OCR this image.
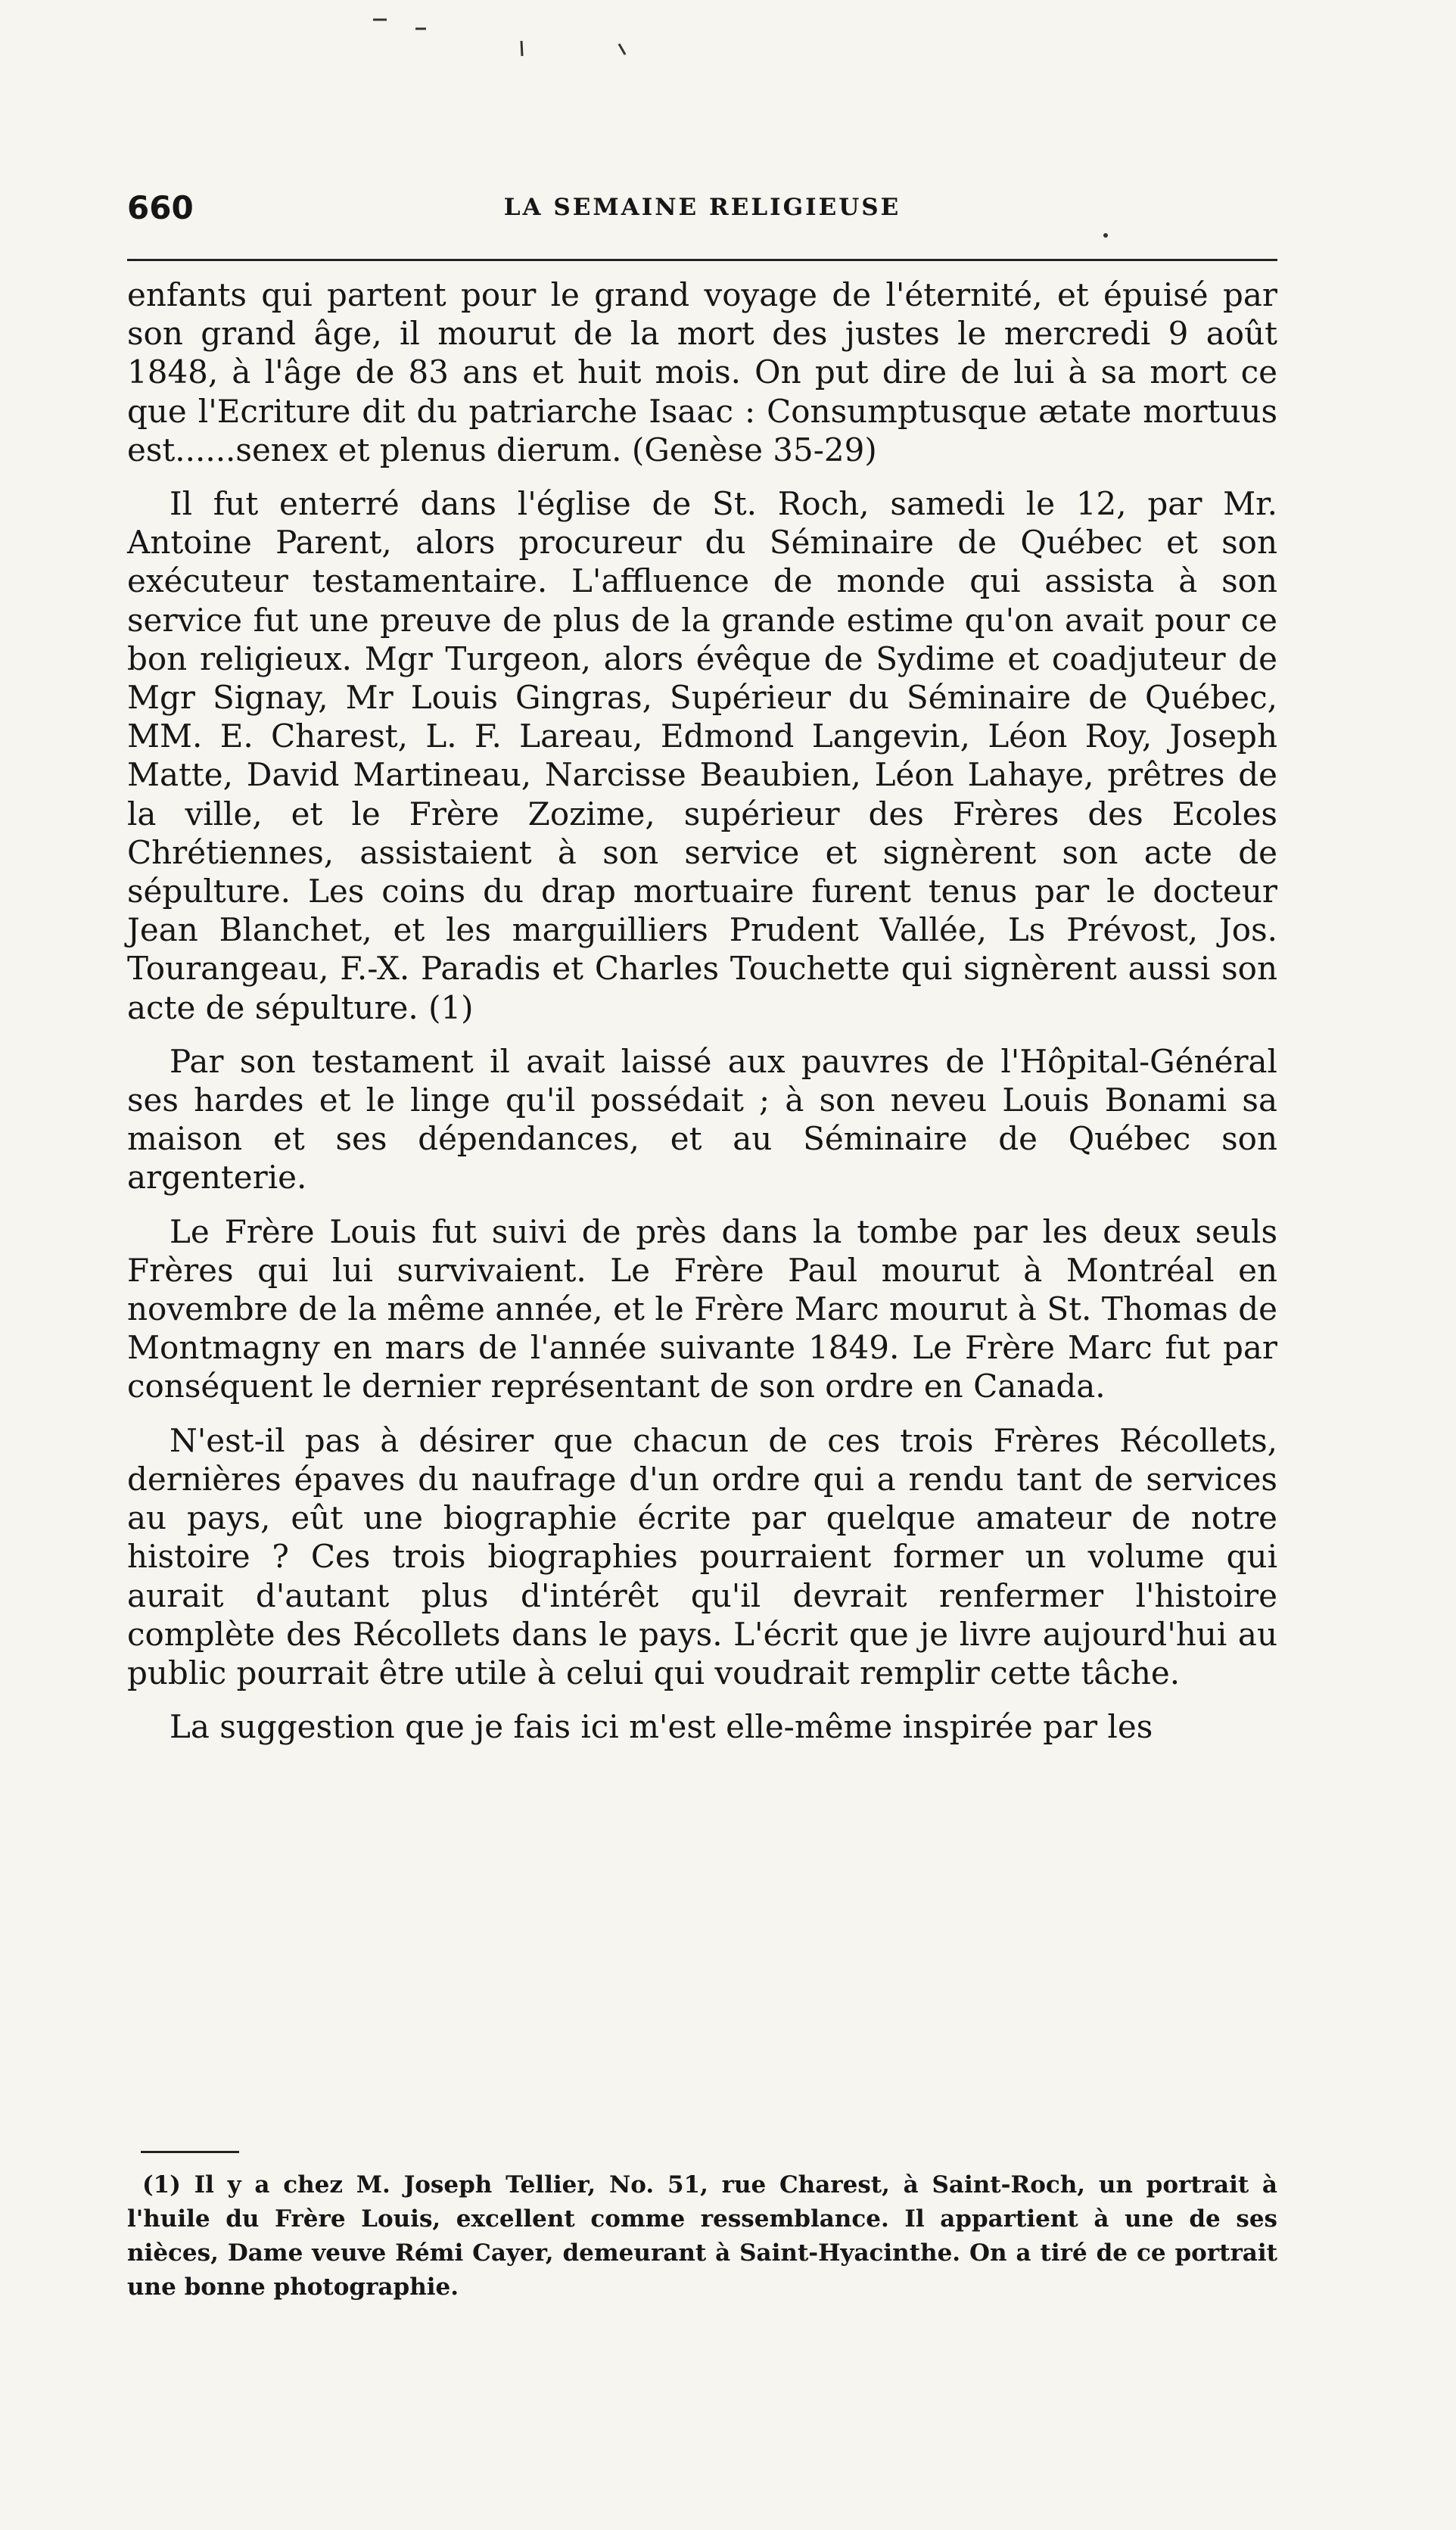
660	LA SEMAINE RELIGIEUSE

enfants qui partent pour le grand voyage de l'éternité, et épuisé par son grand âge, il mourut de la mort des justes le mercredi 9 août 1848, à l'âge de 83 ans et huit mois. On put dire de lui à sa mort ce que l'Ecriture dit du patriarche Isaac : Consumptusque ætate mortuus est......senex et plenus dierum. (Genèse 35-29)

Il fut enterré dans l'église de St. Roch, samedi le 12, par Mr. Antoine Parent, alors procureur du Séminaire de Québec et son exécuteur testamentaire. L'affluence de monde qui assista à son service fut une preuve de plus de la grande estime qu'on avait pour ce bon religieux. Mgr Turgeon, alors évêque de Sydime et coadjuteur de Mgr Signay, Mr Louis Gingras, Supérieur du Séminaire de Québec, MM. E. Charest, L. F. Lareau, Edmond Langevin, Léon Roy, Joseph Matte, David Martineau, Narcisse Beaubien, Léon Lahaye, prêtres de la ville, et le Frère Zozime, supérieur des Frères des Ecoles Chrétiennes, assistaient à son service et signèrent son acte de sépulture. Les coins du drap mortuaire furent tenus par le docteur Jean Blanchet, et les marguilliers Prudent Vallée, Ls Prévost, Jos. Tourangeau, F.-X. Paradis et Charles Touchette qui signèrent aussi son acte de sépulture. (1)

Par son testament il avait laissé aux pauvres de l'Hôpital-Général ses hardes et le linge qu'il possédait ; à son neveu Louis Bonami sa maison et ses dépendances, et au Séminaire de Québec son argenterie.

Le Frère Louis fut suivi de près dans la tombe par les deux seuls Frères qui lui survivaient. Le Frère Paul mourut à Montréal en novembre de la même année, et le Frère Marc mourut à St. Thomas de Montmagny en mars de l'année suivante 1849. Le Frère Marc fut par conséquent le dernier représentant de son ordre en Canada.

N'est-il pas à désirer que chacun de ces trois Frères Récollets, dernières épaves du naufrage d'un ordre qui a rendu tant de services au pays, eût une biographie écrite par quelque amateur de notre histoire ? Ces trois biographies pourraient former un volume qui aurait d'autant plus d'intérêt qu'il devrait renfermer l'histoire complète des Récollets dans le pays. L'écrit que je livre aujourd'hui au public pourrait être utile à celui qui voudrait remplir cette tâche.

La suggestion que je fais ici m'est elle-même inspirée par les

(1) Il y a chez M. Joseph Tellier, No. 51, rue Charest, à Saint-Roch, un portrait à l'huile du Frère Louis, excellent comme ressemblance. Il appartient à une de ses nièces, Dame veuve Rémi Cayer, demeurant à Saint-Hyacinthe. On a tiré de ce portrait une bonne photographie.
